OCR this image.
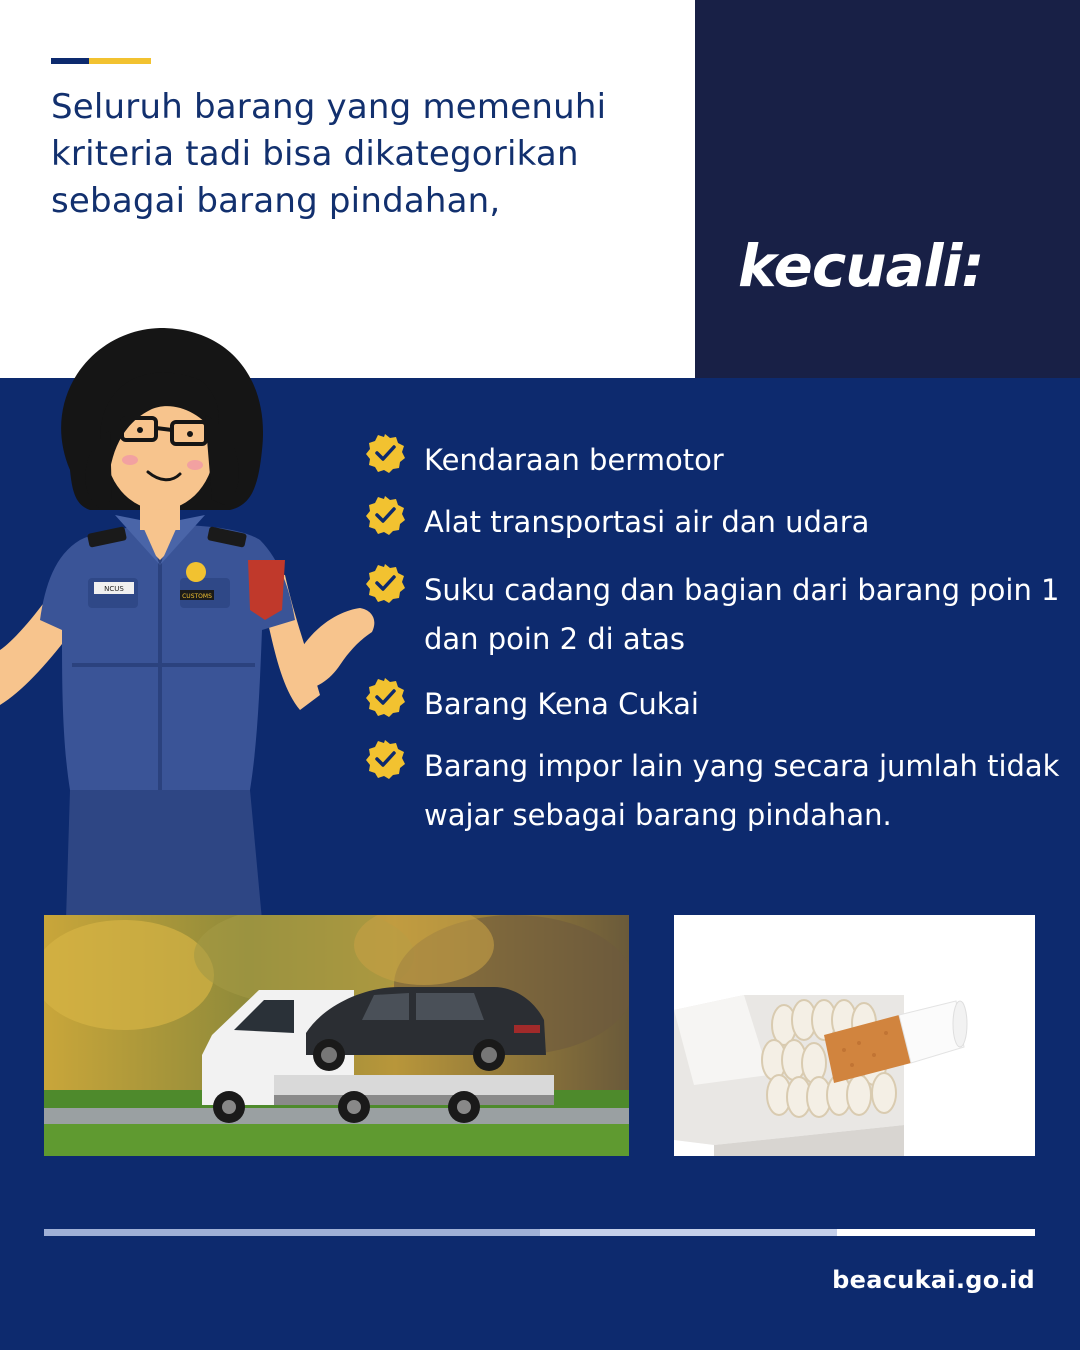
Seluruh barang yang memenuhi kriteria tadi bisa dikategorikan sebagai barang pindahan,
kecuali:
NCUS
CUSTOMS
Kendaraan bermotor
Alat transportasi air dan udara
Suku cadang dan bagian dari barang poin 1 dan poin 2 di atas
Barang Kena Cukai
Barang impor lain yang secara jumlah tidak wajar sebagai barang pindahan.
beacukai.go.id
